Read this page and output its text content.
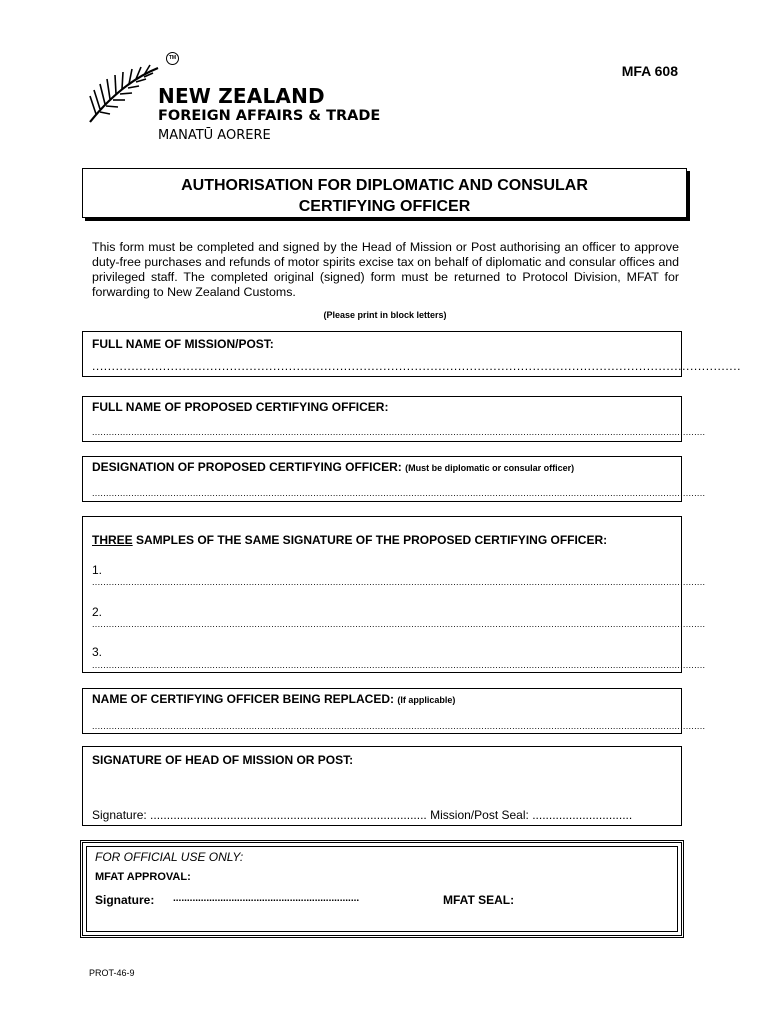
TM
NEW ZEALAND
FOREIGN AFFAIRS & TRADE
MANATŪ AORERE
MFA 608
AUTHORISATION FOR DIPLOMATIC AND CONSULAR
CERTIFYING OFFICER
This form must be completed and signed by the Head of Mission or Post authorising an officer to approve duty-free purchases and refunds of motor spirits excise tax on behalf of diplomatic and consular offices and privileged staff. The completed original (signed) form must be returned to Protocol Division, MFAT for forwarding to New Zealand Customs.
(Please print in block letters)
FULL NAME OF MISSION/POST:
.....................................................................................................................................................................
FULL NAME OF PROPOSED CERTIFYING OFFICER:
...........................................................................................................................................................................................................................
DESIGNATION OF PROPOSED CERTIFYING OFFICER: (Must be diplomatic or consular officer)
...........................................................................................................................................................................................................................
THREE SAMPLES OF THE SAME SIGNATURE OF THE PROPOSED CERTIFYING OFFICER:
1.
...........................................................................................................................................................................................................................
2.
...........................................................................................................................................................................................................................
3.
...........................................................................................................................................................................................................................
NAME OF CERTIFYING OFFICER BEING REPLACED: (If applicable)
...........................................................................................................................................................................................................................
SIGNATURE OF HEAD OF MISSION OR POST:
Signature: ................................................................................... Mission/Post Seal: ..............................
FOR OFFICIAL USE ONLY:
MFAT APPROVAL:
Signature: ...................................................................	MFAT SEAL:
PROT-46-9
